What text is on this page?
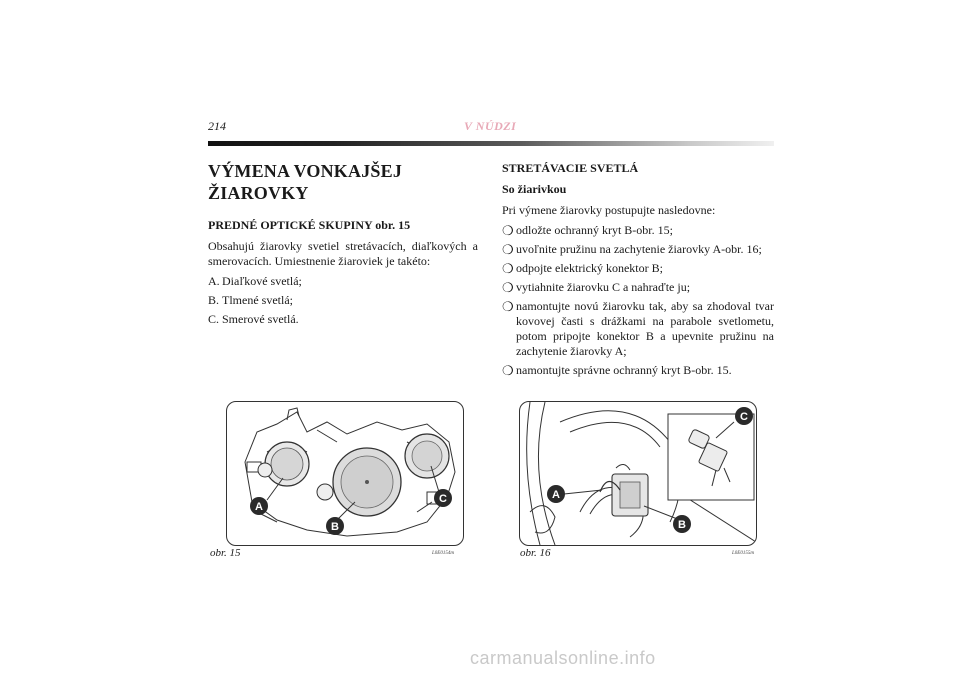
214	V NÚDZI
VÝMENA VONKAJŠEJ ŽIAROVKY
PREDNÉ OPTICKÉ SKUPINY obr. 15

Obsahujú žiarovky svetiel stretávacích, diaľkových a smerovacích. Umiestnenie žiaroviek je takéto:

A. Diaľkové svetlá;
B. Tlmené svetlá;
C. Smerové svetlá.
STRETÁVACIE SVETLÁ
So žiarivkou

Pri výmene žiarovky postupujte nasledovne:

❍ odložte ochranný kryt B-obr. 15;
❍ uvoľnite pružinu na zachytenie žiarovky A-obr. 16;
❍ odpojte elektrický konektor B;
❍ vytiahnite žiarovku C a nahraďte ju;
❍ namontujte novú žiarovku tak, aby sa zhodoval tvar kovovej časti s drážkami na parabole svetlometu, potom pripojte konektor B a upevnite pružinu na zachytenie žiarovky A;
❍ namontujte správne ochranný kryt B-obr. 15.
A
B
C
obr. 15	L0E0154m
A
B
C
obr. 16	L0E0155m
carmanualsonline.info
